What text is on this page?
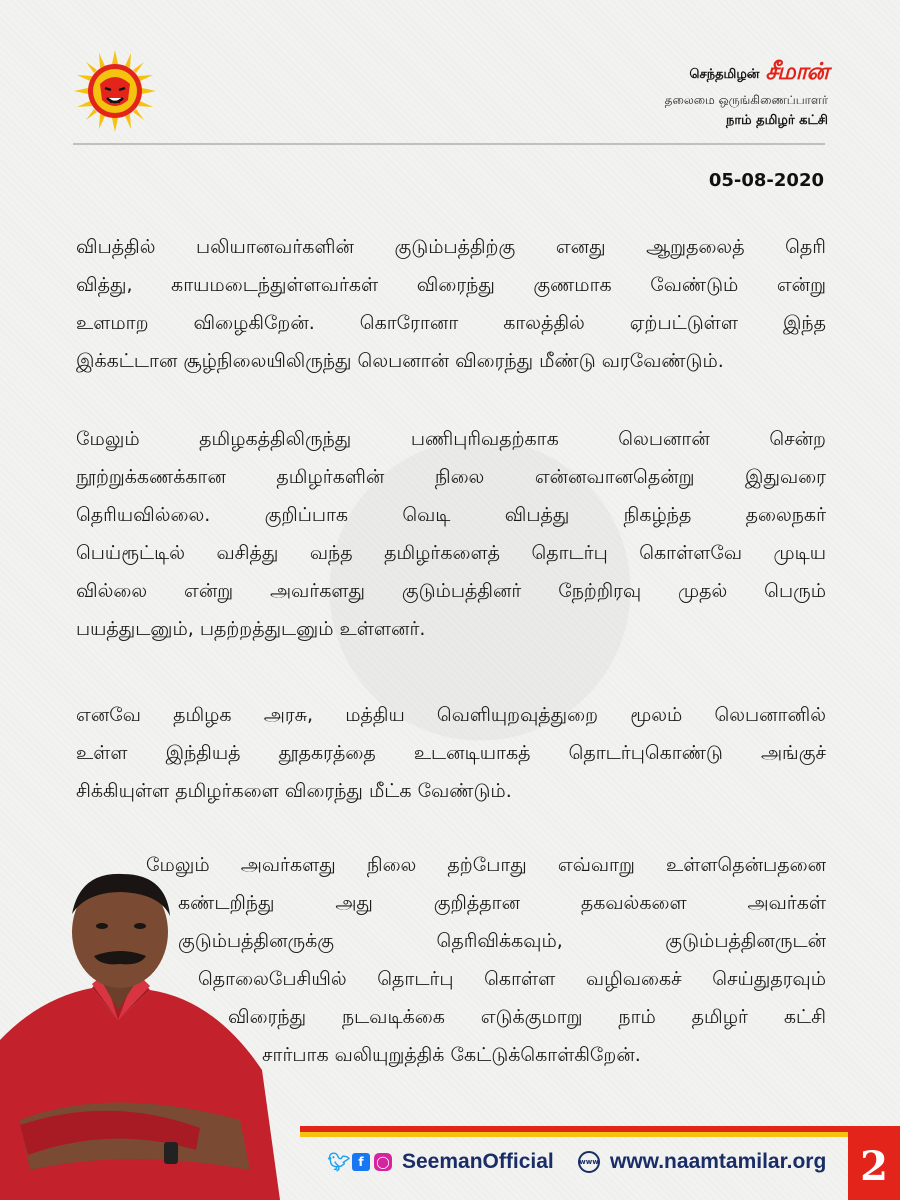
செந்தமிழன் சீமான்
தலைமை ஒருங்கிணைப்பாளர்
நாம் தமிழர் கட்சி
05-08-2020
விபத்தில் பலியானவர்களின் குடும்பத்திற்கு எனது ஆறுதலைத் தெரி
வித்து, காயமடைந்துள்ளவர்கள் விரைந்து குணமாக வேண்டும் என்று
உளமாற விழைகிறேன். கொரோனா காலத்தில் ஏற்பட்டுள்ள இந்த
இக்கட்டான சூழ்நிலையிலிருந்து லெபனான் விரைந்து மீண்டு வரவேண்டும்.
மேலும் தமிழகத்திலிருந்து பணிபுரிவதற்காக லெபனான் சென்ற
நூற்றுக்கணக்கான தமிழர்களின் நிலை என்னவானதென்று இதுவரை
தெரியவில்லை. குறிப்பாக வெடி விபத்து நிகழ்ந்த தலைநகர்
பெய்ரூட்டில் வசித்து வந்த தமிழர்களைத் தொடர்பு கொள்ளவே முடிய
வில்லை என்று அவர்களது குடும்பத்தினர் நேற்றிரவு முதல் பெரும்
பயத்துடனும், பதற்றத்துடனும் உள்ளனர்.
எனவே தமிழக அரசு, மத்திய வெளியுறவுத்துறை மூலம் லெபனானில்
உள்ள இந்தியத் தூதகரத்தை உடனடியாகத் தொடர்புகொண்டு அங்குச்
சிக்கியுள்ள தமிழர்களை விரைந்து மீட்க வேண்டும்.
மேலும் அவர்களது நிலை தற்போது எவ்வாறு உள்ளதென்பதனை
கண்டறிந்து அது குறித்தான தகவல்களை அவர்கள்
குடும்பத்தினருக்கு தெரிவிக்கவும், குடும்பத்தினருடன்
தொலைபேசியில் தொடர்பு கொள்ள வழிவகைச் செய்துதரவும்
விரைந்து நடவடிக்கை எடுக்குமாறு நாம் தமிழர் கட்சி
சார்பாக வலியுறுத்திக் கேட்டுக்கொள்கிறேன்.
🐦︎ f	◯ SeemanOfficial	www www.naamtamilar.org 2
